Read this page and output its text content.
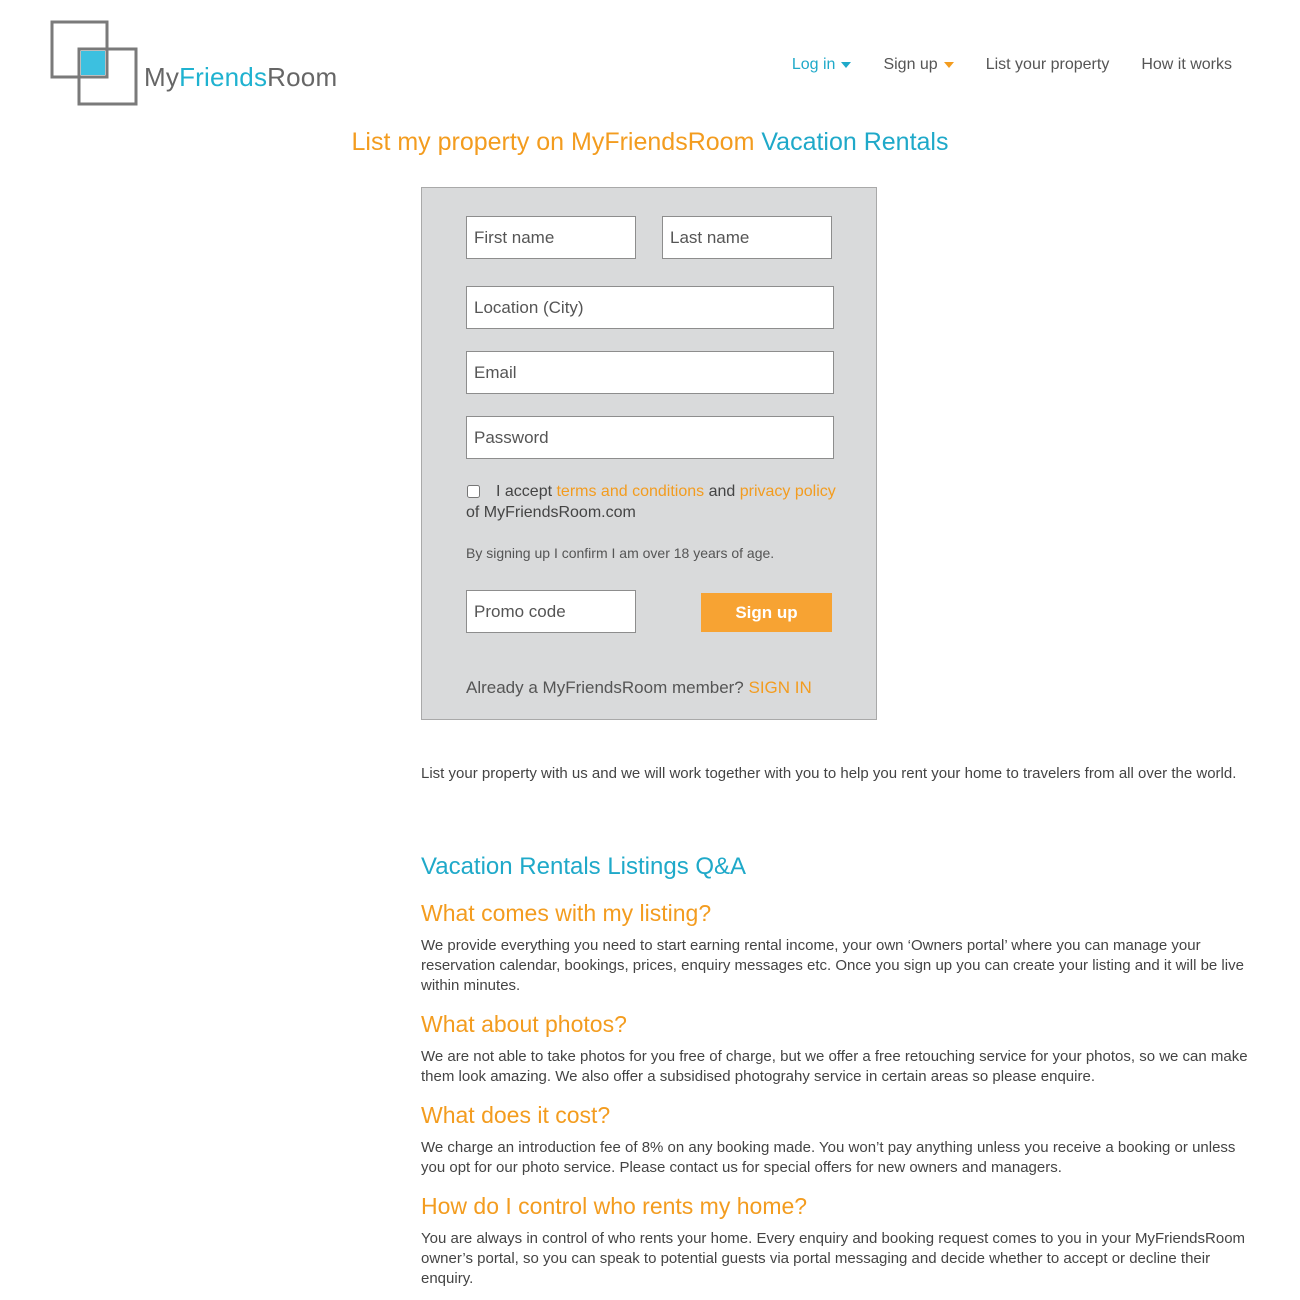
MyFriendsRoom	Log in	Sign up	List your property How it works
List my property on MyFriendsRoom Vacation Rentals
First name
Last name
Location (City)
Email
I accept terms and conditions and privacy policy of MyFriendsRoom.com
By signing up I confirm I am over 18 years of age.
Promo code
Sign up
Already a MyFriendsRoom member? SIGN IN

List your property with us and we will work together with you to help you rent your home to travelers from all over the world.

Vacation Rentals Listings Q&A
What comes with my listing?

We provide everything you need to start earning rental income, your own ‘Owners portal’ where you can manage your reservation calendar, bookings, prices, enquiry messages etc. Once you sign up you can create your listing and it will be live within minutes.

What about photos?

We are not able to take photos for you free of charge, but we offer a free retouching service for your photos, so we can make them look amazing. We also offer a subsidised photograhy service in certain areas so please enquire.

What does it cost?

We charge an introduction fee of 8% on any booking made. You won’t pay anything unless you receive a booking or unless you opt for our photo service. Please contact us for special offers for new owners and managers.

How do I control who rents my home?

You are always in control of who rents your home. Every enquiry and booking request comes to you in your MyFriendsRoom owner’s portal, so you can speak to potential guests via portal messaging and decide whether to accept or decline their enquiry.
